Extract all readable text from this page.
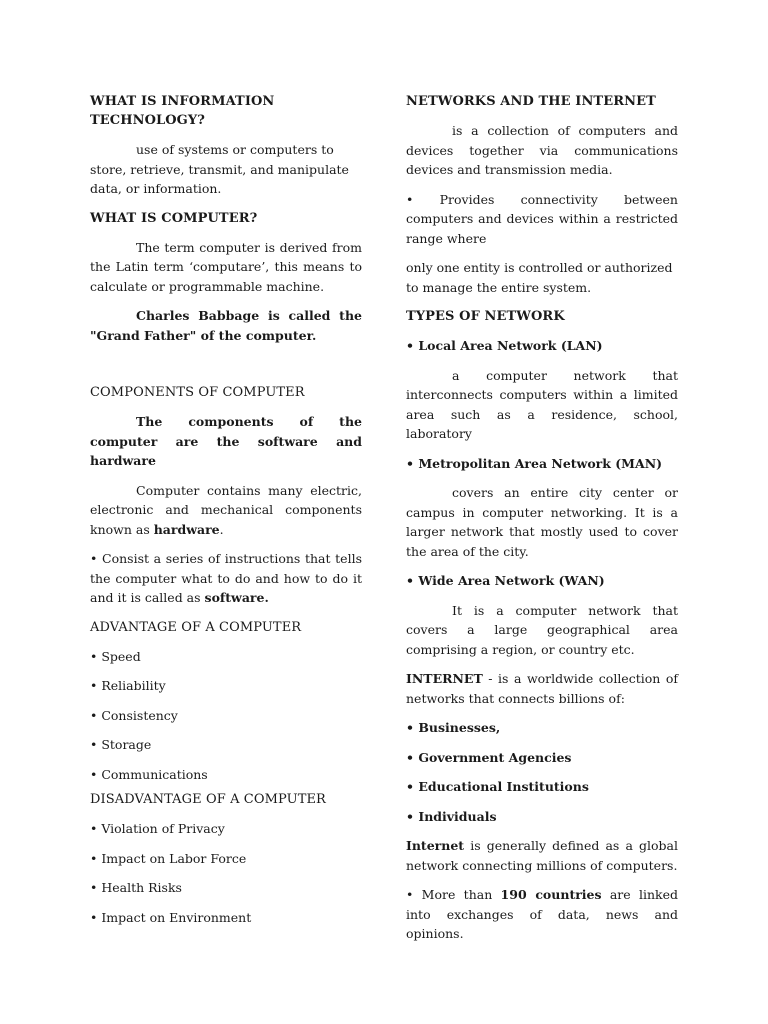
WHAT IS INFORMATION TECHNOLOGY?
use of systems or computers to store, retrieve, transmit, and manipulate data, or information.
WHAT IS COMPUTER?
The term computer is derived from the Latin term ‘computare’, this means to calculate or programmable machine.
Charles Babbage is called the "Grand Father" of the computer.
COMPONENTS OF COMPUTER
The components of the computer are the software and hardware
Computer contains many electric, electronic and mechanical components known as hardware.
• Consist a series of instructions that tells the computer what to do and how to do it and it is called as software.
ADVANTAGE OF A COMPUTER
• Speed
• Reliability
• Consistency
• Storage
• Communications
DISADVANTAGE OF A COMPUTER
• Violation of Privacy
• Impact on Labor Force
• Health Risks
• Impact on Environment
NETWORKS AND THE INTERNET
is a collection of computers and devices together via communications devices and transmission media.
• Provides connectivity between computers and devices within a restricted range where
only one entity is controlled or authorized to manage the entire system.
TYPES OF NETWORK
• Local Area Network (LAN)
a computer network that interconnects computers within a limited area such as a residence, school, laboratory
• Metropolitan Area Network (MAN)
covers an entire city center or campus in computer networking. It is a larger network that mostly used to cover the area of the city.
• Wide Area Network (WAN)
It is a computer network that covers a large geographical area comprising a region, or country etc.
INTERNET - is a worldwide collection of networks that connects billions of:
• Businesses,
• Government Agencies
• Educational Institutions
• Individuals
Internet is generally defined as a global network connecting millions of computers.
• More than 190 countries are linked into exchanges of data, news and opinions.
